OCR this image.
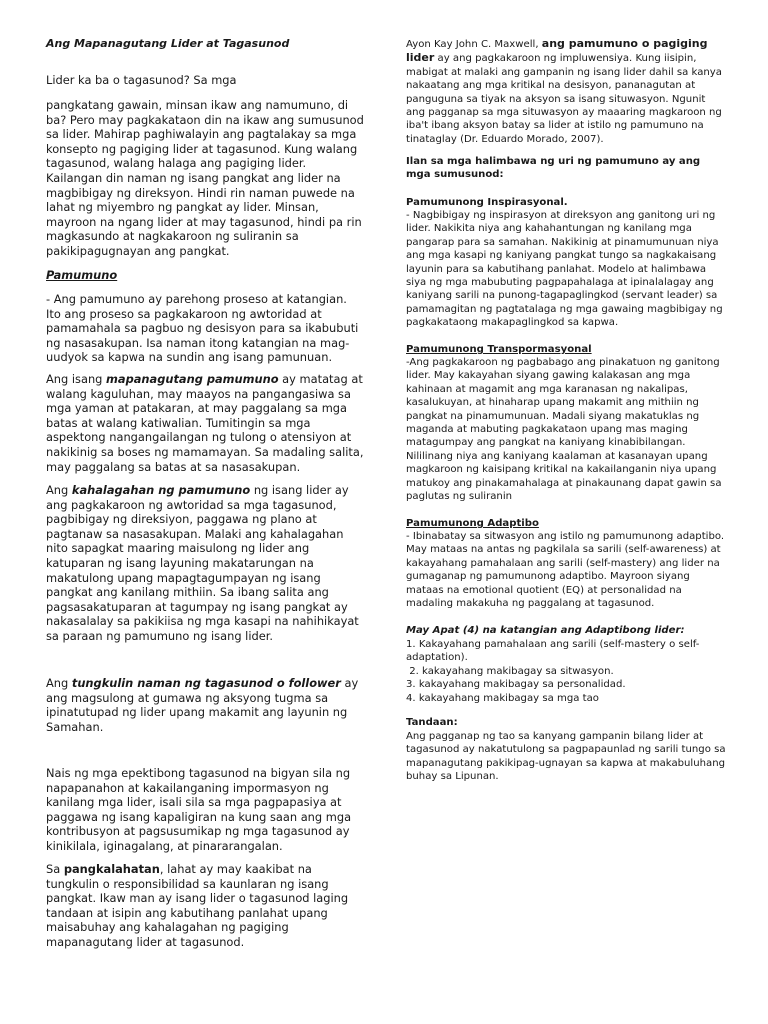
Ang Mapanagutang Lider at Tagasunod

Lider ka ba o tagasunod? Sa mga

pangkatang gawain, minsan ikaw ang namumuno, di ba? Pero may pagkakataon din na ikaw ang sumusunod sa lider. Mahirap paghiwalayin ang pagtalakay sa mga konsepto ng pagiging lider at tagasunod. Kung walang tagasunod, walang halaga ang pagiging lider. Kailangan din naman ng isang pangkat ang lider na magbibigay ng direksyon. Hindi rin naman puwede na lahat ng miyembro ng pangkat ay lider. Minsan, mayroon na ngang lider at may tagasunod, hindi pa rin magkasundo at nagkakaroon ng suliranin sa pakikipagugnayan ang pangkat.

Pamumuno

- Ang pamumuno ay parehong proseso at katangian. Ito ang proseso sa pagkakaroon ng awtoridad at pamamahala sa pagbuo ng desisyon para sa ikabubuti ng nasasakupan. Isa naman itong katangian na mag-uudyok sa kapwa na sundin ang isang pamunuan.

Ang isang mapanagutang pamumuno ay matatag at walang kaguluhan, may maayos na pangangasiwa sa mga yaman at patakaran, at may paggalang sa mga batas at walang katiwalian. Tumitingin sa mga aspektong nangangailangan ng tulong o atensiyon at nakikinig sa boses ng mamamayan. Sa madaling salita, may paggalang sa batas at sa nasasakupan.

Ang kahalagahan ng pamumuno ng isang lider ay ang pagkakaroon ng awtoridad sa mga tagasunod, pagbibigay ng direksiyon, paggawa ng plano at pagtanaw sa nasasakupan. Malaki ang kahalagahan nito sapagkat maaring maisulong ng lider ang katuparan ng isang layuning makatarungan na makatulong upang mapagtagumpayan ng isang pangkat ang kanilang mithiin. Sa ibang salita ang pagsasakatuparan at tagumpay ng isang pangkat ay nakasalalay sa pakikiisa ng mga kasapi na nahihikayat sa paraan ng pamumuno ng isang lider.

Ang tungkulin naman ng tagasunod o follower ay ang magsulong at gumawa ng aksyong tugma sa ipinatutupad ng lider upang makamit ang layunin ng Samahan.

Nais ng mga epektibong tagasunod na bigyan sila ng napapanahon at kakailanganing impormasyon ng kanilang mga lider, isali sila sa mga pagpapasiya at paggawa ng isang kapaligiran na kung saan ang mga kontribusyon at pagsusumikap ng mga tagasunod ay kinikilala, iginagalang, at pinararangalan.

Sa pangkalahatan, lahat ay may kaakibat na tungkulin o responsibilidad sa kaunlaran ng isang pangkat. Ikaw man ay isang lider o tagasunod laging tandaan at isipin ang kabutihang panlahat upang maisabuhay ang kahalagahan ng pagiging mapanagutang lider at tagasunod.

Ayon Kay John C. Maxwell, ang pamumuno o pagiging lider ay ang pagkakaroon ng impluwensiya. Kung iisipin, mabigat at malaki ang gampanin ng isang lider dahil sa kanya nakaatang ang mga kritikal na desisyon, pananagutan at panguguna sa tiyak na aksyon sa isang situwasyon. Ngunit ang pagganap sa mga situwasyon ay maaaring magkaroon ng iba't ibang aksyon batay sa lider at istilo ng pamumuno na tinataglay (Dr. Eduardo Morado, 2007).

Ilan sa mga halimbawa ng uri ng pamumuno ay ang mga sumusunod:

Pamumunong Inspirasyonal.

- Nagbibigay ng inspirasyon at direksyon ang ganitong uri ng lider. Nakikita niya ang kahahantungan ng kanilang mga pangarap para sa samahan. Nakikinig at pinamumunuan niya ang mga kasapi ng kaniyang pangkat tungo sa nagkakaisang layunin para sa kabutihang panlahat. Modelo at halimbawa siya ng mga mabubuting pagpapahalaga at ipinalalagay ang kaniyang sarili na punong-tagapaglingkod (servant leader) sa pamamagitan ng pagtatalaga ng mga gawaing magbibigay ng pagkakataong makapaglingkod sa kapwa.

Pamumunong Transpormasyonal

-Ang pagkakaroon ng pagbabago ang pinakatuon ng ganitong lider. May kakayahan siyang gawing kalakasan ang mga kahinaan at magamit ang mga karanasan ng nakalipas, kasalukuyan, at hinaharap upang makamit ang mithiin ng pangkat na pinamumunuan. Madali siyang makatuklas ng maganda at mabuting pagkakataon upang mas maging matagumpay ang pangkat na kaniyang kinabibilangan. Nililinang niya ang kaniyang kaalaman at kasanayan upang magkaroon ng kaisipang kritikal na kakailanganin niya upang matukoy ang pinakamahalaga at pinakaunang dapat gawin sa paglutas ng suliranin

Pamumunong Adaptibo

- Ibinabatay sa sitwasyon ang istilo ng pamumunong adaptibo. May mataas na antas ng pagkilala sa sarili (self-awareness) at kakayahang pamahalaan ang sarili (self-mastery) ang lider na gumaganap ng pamumunong adaptibo. Mayroon siyang mataas na emotional quotient (EQ) at personalidad na madaling makakuha ng paggalang at tagasunod.

May Apat (4) na katangian ang Adaptibong lider:

1. Kakayahang pamahalaan ang sarili (self-mastery o self-adaptation).

2. kakayahang makibagay sa sitwasyon.

3. kakayahang makibagay sa personalidad.

4. kakayahang makibagay sa mga tao

Tandaan:

Ang pagganap ng tao sa kanyang gampanin bilang lider at tagasunod ay nakatutulong sa pagpapaunlad ng sarili tungo sa mapanagutang pakikipag-ugnayan sa kapwa at makabuluhang buhay sa Lipunan.
